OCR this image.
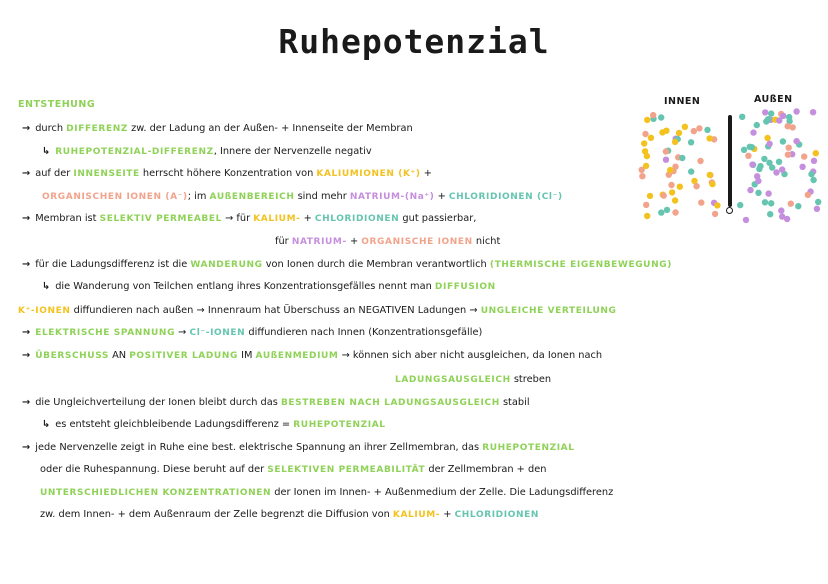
Ruhepotenzial
ENTSTEHUNG
→ durch DIFFERENZ zw. der Ladung an der Außen- + Innenseite der Membran
↳ RUHEPOTENZIAL-DIFFERENZ, Innere der Nervenzelle negativ
→ auf der INNENSEITE herrscht höhere Konzentration von KALIUMIONEN (K⁺) +
ORGANISCHEN IONEN (A⁻); im AUßENBEREICH sind mehr NATRIUM-(Na⁺) + CHLORIDIONEN (Cl⁻)
→ Membran ist SELEKTIV PERMEABEL → für KALIUM- + CHLORIDIONEN gut passierbar,
für NATRIUM- + ORGANISCHE IONEN nicht
→ für die Ladungsdifferenz ist die WANDERUNG von Ionen durch die Membran verantwortlich (THERMISCHE EIGENBEWEGUNG)
↳ die Wanderung von Teilchen entlang ihres Konzentrationsgefälles nennt man DIFFUSION
K⁺-IONEN diffundieren nach außen → Innenraum hat Überschuss an NEGATIVEN Ladungen → UNGLEICHE VERTEILUNG
→ ELEKTRISCHE SPANNUNG → Cl⁻-IONEN diffundieren nach Innen (Konzentrationsgefälle)
→ ÜBERSCHUSS AN POSITIVER LADUNG IM AUßENMEDIUM → können sich aber nicht ausgleichen, da Ionen nach
LADUNGSAUSGLEICH streben
→ die Ungleichverteilung der Ionen bleibt durch das BESTREBEN NACH LADUNGSAUSGLEICH stabil
↳ es entsteht gleichbleibende Ladungsdifferenz = RUHEPOTENZIAL
→ jede Nervenzelle zeigt in Ruhe eine best. elektrische Spannung an ihrer Zellmembran, das RUHEPOTENZIAL
oder die Ruhespannung. Diese beruht auf der SELEKTIVEN PERMEABILITÄT der Zellmembran + den
UNTERSCHIEDLICHEN KONZENTRATIONEN der Ionen im Innen- + Außenmedium der Zelle. Die Ladungsdifferenz
zw. dem Innen- + dem Außenraum der Zelle begrenzt die Diffusion von KALIUM- + CHLORIDIONEN
INNEN	AUßEN
